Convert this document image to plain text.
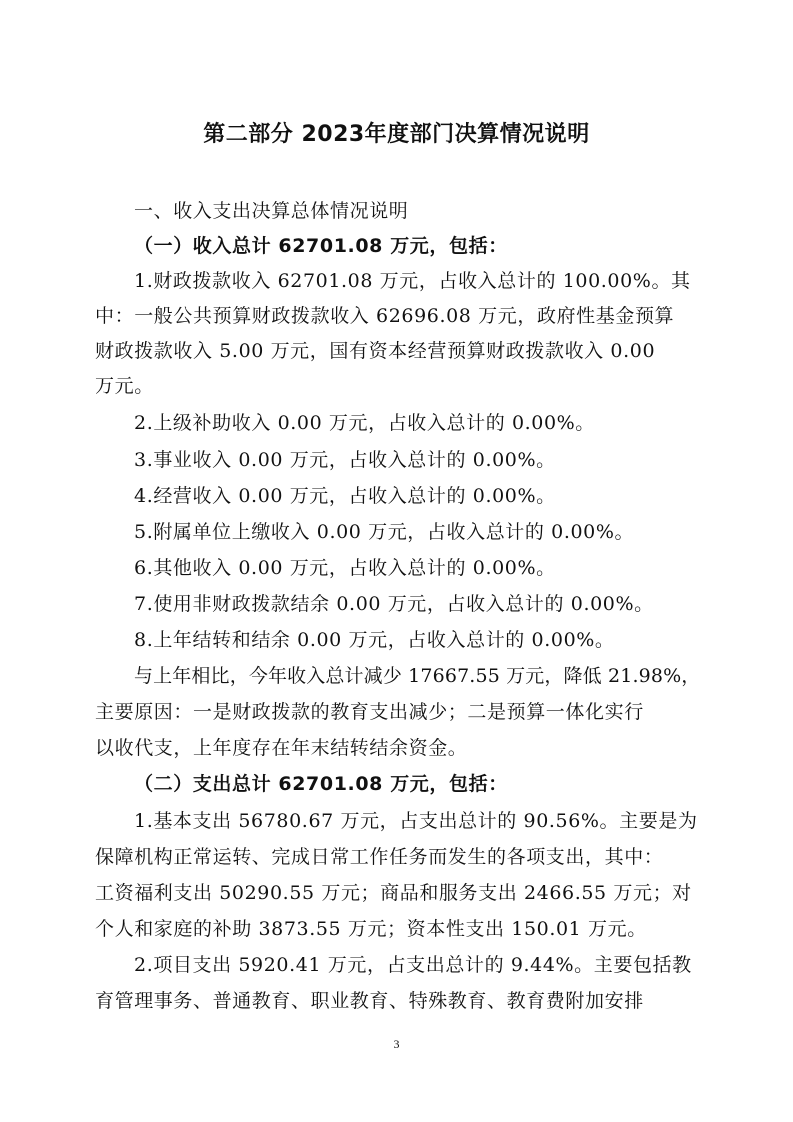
第二部分 2023年度部门决算情况说明
一、收入支出决算总体情况说明
（一）收入总计 62701.08 万元，包括：
1.财政拨款收入 62701.08 万元，占收入总计的 100.00%。其
中：一般公共预算财政拨款收入 62696.08 万元，政府性基金预算
财政拨款收入 5.00 万元，国有资本经营预算财政拨款收入 0.00
万元。
2.上级补助收入 0.00 万元，占收入总计的 0.00%。
3.事业收入 0.00 万元，占收入总计的 0.00%。
4.经营收入 0.00 万元，占收入总计的 0.00%。
5.附属单位上缴收入 0.00 万元，占收入总计的 0.00%。
6.其他收入 0.00 万元，占收入总计的 0.00%。
7.使用非财政拨款结余 0.00 万元，占收入总计的 0.00%。
8.上年结转和结余 0.00 万元，占收入总计的 0.00%。
与上年相比，今年收入总计减少 17667.55 万元，降低 21.98%，
主要原因：一是财政拨款的教育支出减少；二是预算一体化实行
以收代支，上年度存在年末结转结余资金。
（二）支出总计 62701.08 万元，包括：
1.基本支出 56780.67 万元，占支出总计的 90.56%。主要是为
保障机构正常运转、完成日常工作任务而发生的各项支出，其中：
工资福利支出 50290.55 万元；商品和服务支出 2466.55 万元；对
个人和家庭的补助 3873.55 万元；资本性支出 150.01 万元。
2.项目支出 5920.41 万元，占支出总计的 9.44%。主要包括教
育管理事务、普通教育、职业教育、特殊教育、教育费附加安排
3
